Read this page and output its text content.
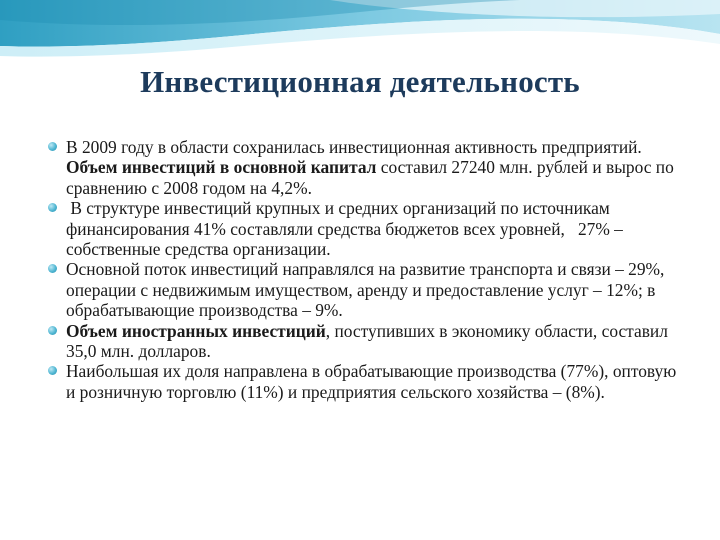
Инвестиционная деятельность
В 2009 году в области сохранилась инвестиционная активность предприятий. Объем инвестиций в основной капитал составил 27240 млн. рублей и вырос по сравнению с 2008 годом на 4,2%.
В структуре инвестиций крупных и средних организаций по источникам финансирования 41% составляли средства бюджетов всех уровней,   27% – собственные средства организации.
Основной поток инвестиций направлялся на развитие транспорта и связи – 29%, операции с недвижимым имуществом, аренду и предоставление услуг – 12%; в обрабатывающие производства – 9%.
Объем иностранных инвестиций, поступивших в экономику области, составил 35,0 млн. долларов.
Наибольшая их доля направлена в обрабатывающие производства (77%), оптовую и розничную торговлю (11%) и предприятия сельского хозяйства – (8%).
